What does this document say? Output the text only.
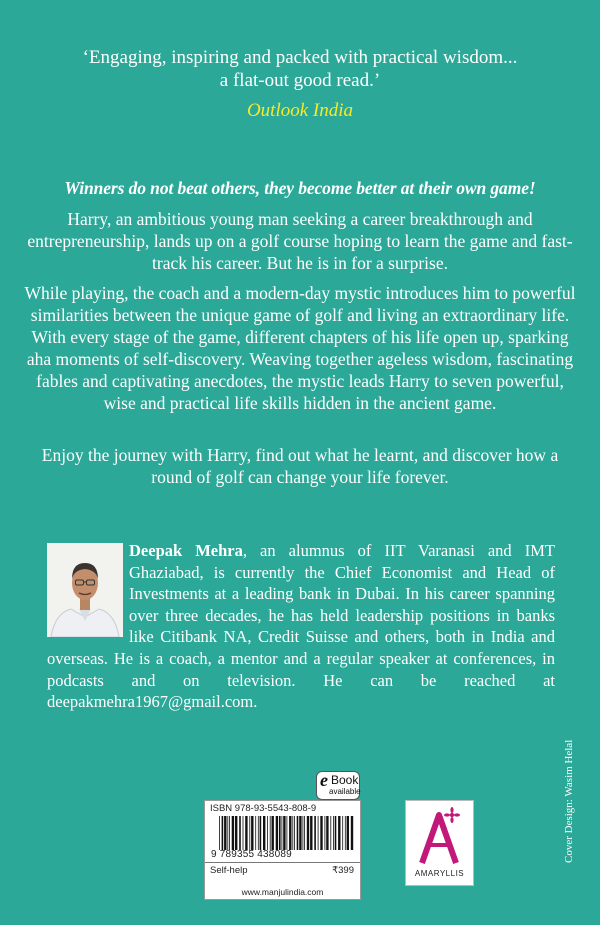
‘Engaging, inspiring and packed with practical wisdom...
a flat-out good read.’
Outlook India
Winners do not beat others, they become better at their own game!

Harry, an ambitious young man seeking a career breakthrough and entrepreneurship, lands up on a golf course hoping to learn the game and fast-track his career. But he is in for a surprise.

While playing, the coach and a modern-day mystic introduces him to powerful similarities between the unique game of golf and living an extraordinary life. With every stage of the game, different chapters of his life open up, sparking aha moments of self-discovery. Weaving together ageless wisdom, fascinating fables and captivating anecdotes, the mystic leads Harry to seven powerful, wise and practical life skills hidden in the ancient game.

Enjoy the journey with Harry, find out what he learnt, and discover how a round of golf can change your life forever.

Deepak Mehra, an alumnus of IIT Varanasi and IMT Ghaziabad, is currently the Chief Economist and Head of Investments at a leading bank in Dubai. In his career spanning over three decades, he has held leadership positions in banks like Citibank NA, Credit Suisse and others, both in India and overseas. He is a coach, a mentor and a regular speaker at conferences, in podcasts and on television. He can be reached at deepakmehra1967@gmail.com.
Cover Design: Wasim Helal
e Book
available
ISBN 978-93-5543-808-9
9 789355 438089
Self-help	₹399	AMARYLLIS
www.manjulindia.com
